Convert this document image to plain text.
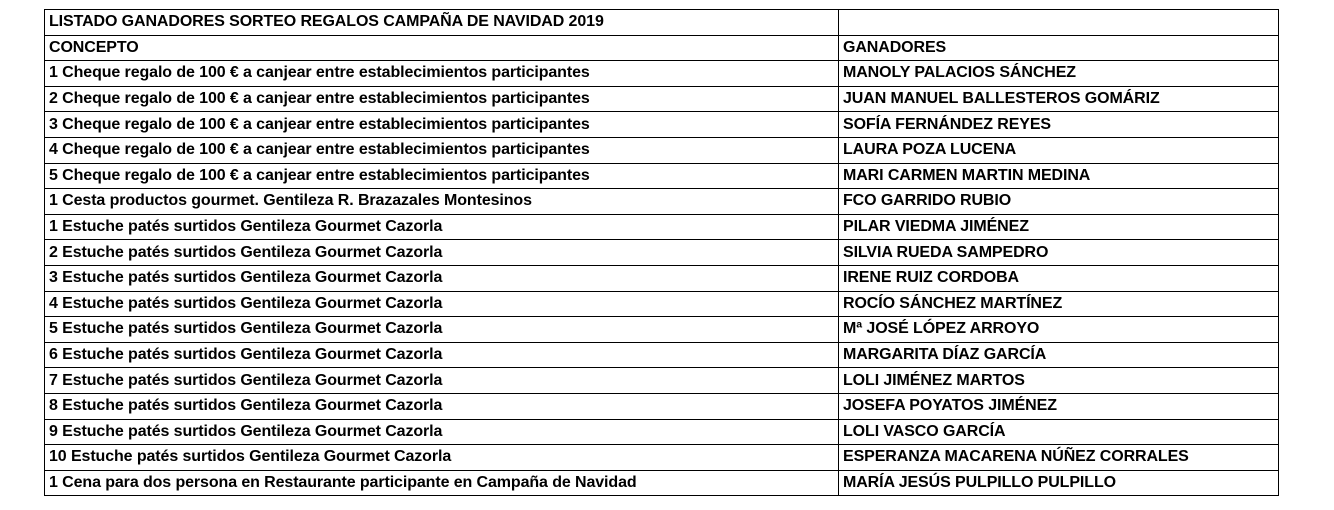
LISTADO GANADORES SORTEO REGALOS CAMPAÑA DE NAVIDAD 2019	
CONCEPTO	GANADORES
1 Cheque regalo de 100 € a canjear entre establecimientos participantes	MANOLY PALACIOS SÁNCHEZ
2 Cheque regalo de 100 € a canjear entre establecimientos participantes	JUAN MANUEL BALLESTEROS GOMÁRIZ
3 Cheque regalo de 100 € a canjear entre establecimientos participantes	SOFÍA FERNÁNDEZ REYES
4 Cheque regalo de 100 € a canjear entre establecimientos participantes	LAURA POZA LUCENA
5 Cheque regalo de 100 € a canjear entre establecimientos participantes	MARI CARMEN MARTIN MEDINA
1 Cesta productos gourmet. Gentileza R. Brazazales Montesinos	FCO GARRIDO RUBIO
1 Estuche patés surtidos Gentileza Gourmet Cazorla	PILAR VIEDMA JIMÉNEZ
2 Estuche patés surtidos Gentileza Gourmet Cazorla	SILVIA RUEDA SAMPEDRO
3 Estuche patés surtidos Gentileza Gourmet Cazorla	IRENE RUIZ CORDOBA
4 Estuche patés surtidos Gentileza Gourmet Cazorla	ROCÍO SÁNCHEZ MARTÍNEZ
5 Estuche patés surtidos Gentileza Gourmet Cazorla	Mª JOSÉ LÓPEZ ARROYO
6 Estuche patés surtidos Gentileza Gourmet Cazorla	MARGARITA DÍAZ GARCÍA
7 Estuche patés surtidos Gentileza Gourmet Cazorla	LOLI JIMÉNEZ MARTOS
8 Estuche patés surtidos Gentileza Gourmet Cazorla	JOSEFA POYATOS JIMÉNEZ
9 Estuche patés surtidos Gentileza Gourmet Cazorla	LOLI VASCO GARCÍA
10 Estuche patés surtidos Gentileza Gourmet Cazorla	ESPERANZA MACARENA NÚÑEZ CORRALES
1 Cena para dos persona en Restaurante participante en Campaña de Navidad	MARÍA JESÚS PULPILLO PULPILLO
